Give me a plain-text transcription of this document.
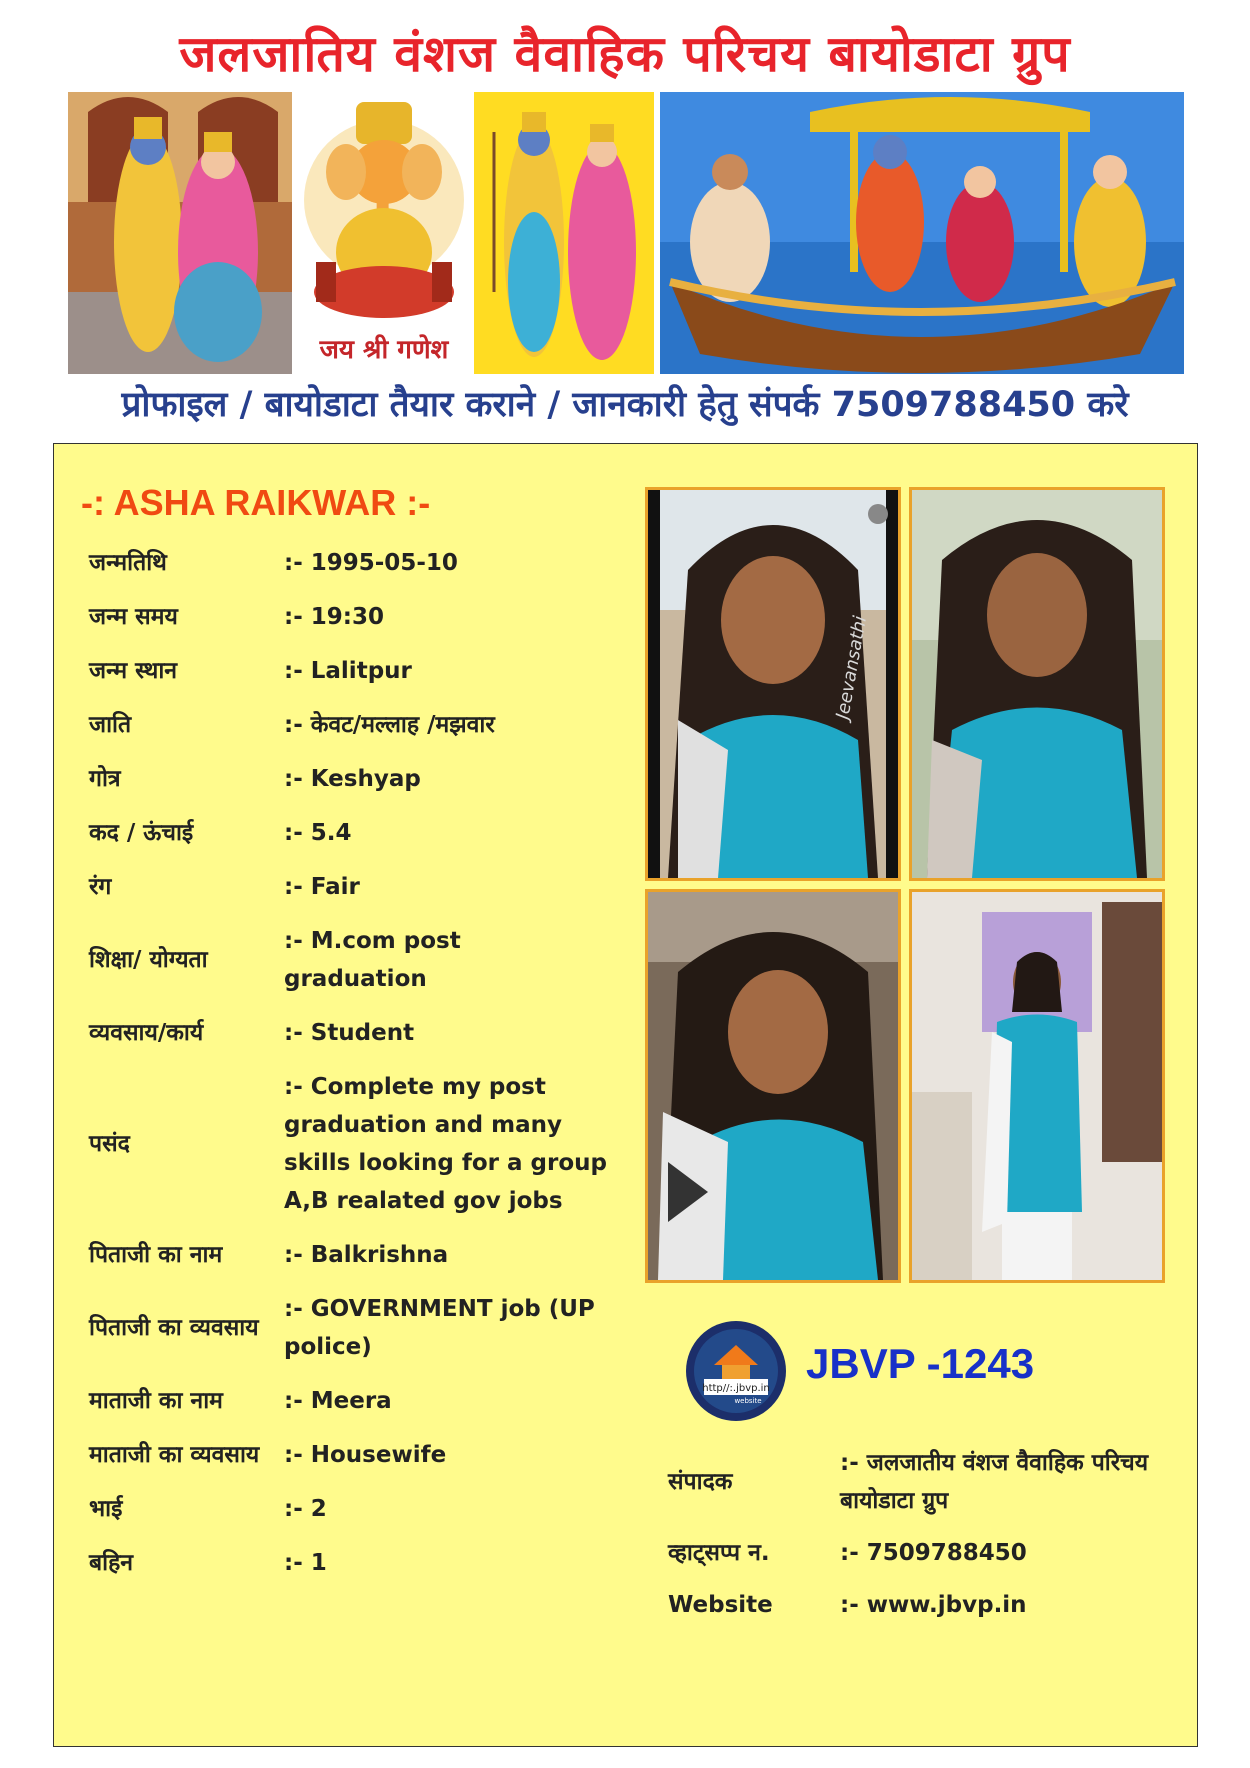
जलजातिय वंशज वैवाहिक परिचय बायोडाटा ग्रुप
जय श्री गणेश
प्रोफाइल / बायोडाटा तैयार कराने / जानकारी हेतु संपर्क 7509788450 करे
-: ASHA RAIKWAR :-
जन्मतिथि	:- 1995-05-10
जन्म समय	:- 19:30
जन्म स्थान	:- Lalitpur
जाति	:- केवट/मल्लाह /मझवार
गोत्र	:- Keshyap
कद / ऊंचाई	:- 5.4
रंग	:- Fair
शिक्षा/ योग्यता
:- M.com post graduation
व्यवसाय/कार्य	:- Student
पसंद
:- Complete my post graduation and many skills looking for a group A,B realated gov jobs
पिताजी का नाम	:- Balkrishna
पिताजी का व्यवसाय
:- GOVERNMENT job (UP police)
माताजी का नाम	:- Meera
माताजी का व्यवसाय	:- Housewife
भाई	:- 2
बहिन	:- 1
Jeevansathi
http//:.jbvp.in
website
JBVP -1243
संपादक
:- जलजातीय वंशज वैवाहिक परिचय बायोडाटा ग्रुप
व्हाट्सप्प न.	:- 7509788450
Website	:- www.jbvp.in
